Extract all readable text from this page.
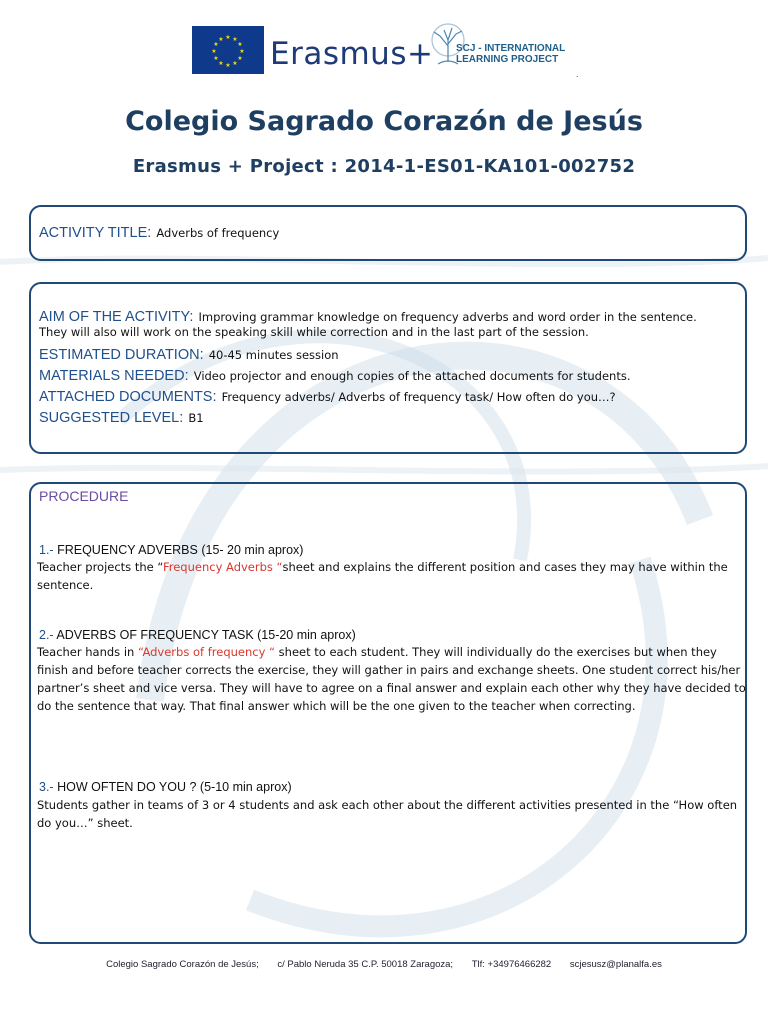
★ ★
★
★
★
★
★
★
★
★
★
★ Erasmus+ SCJ - INTERNATIONAL
LEARNING PROJECT
.
Colegio Sagrado Corazón de Jesús
Erasmus + Project : 2014-1-ES01-KA101-002752
ACTIVITY TITLE: Adverbs of frequency
AIM OF THE ACTIVITY: Improving grammar knowledge on frequency adverbs and word order in the sentence.
They will also will work on the speaking skill while correction and in the last part of the session.
ESTIMATED DURATION: 40-45 minutes session
MATERIALS NEEDED: Video projector and enough copies of the attached documents for students.
ATTACHED DOCUMENTS: Frequency adverbs/ Adverbs of frequency task/ How often do you…?
SUGGESTED LEVEL: B1
PROCEDURE
1.- FREQUENCY ADVERBS (15- 20 min aprox)
Teacher projects the “Frequency Adverbs “sheet and explains the different position and cases they may have within the sentence.
2.- ADVERBS OF FREQUENCY TASK (15-20 min aprox)
Teacher hands in “Adverbs of frequency “ sheet to each student. They will individually do the exercises but when they finish and before teacher corrects the exercise, they will gather in pairs and exchange sheets. One student correct his/her partner’s sheet and vice versa. They will have to agree on a final answer and explain each other why they have decided to do the sentence that way. That final answer which will be the one given to the teacher when correcting.
3.- HOW OFTEN DO YOU ? (5-10 min aprox)
Students gather in teams of 3 or 4 students and ask each other about the different activities presented in the “How often do you…” sheet.
Colegio Sagrado Corazón de Jesús; c/ Pablo Neruda 35 C.P. 50018 Zaragoza; Tlf: +34976466282 scjesusz@planalfa.es
